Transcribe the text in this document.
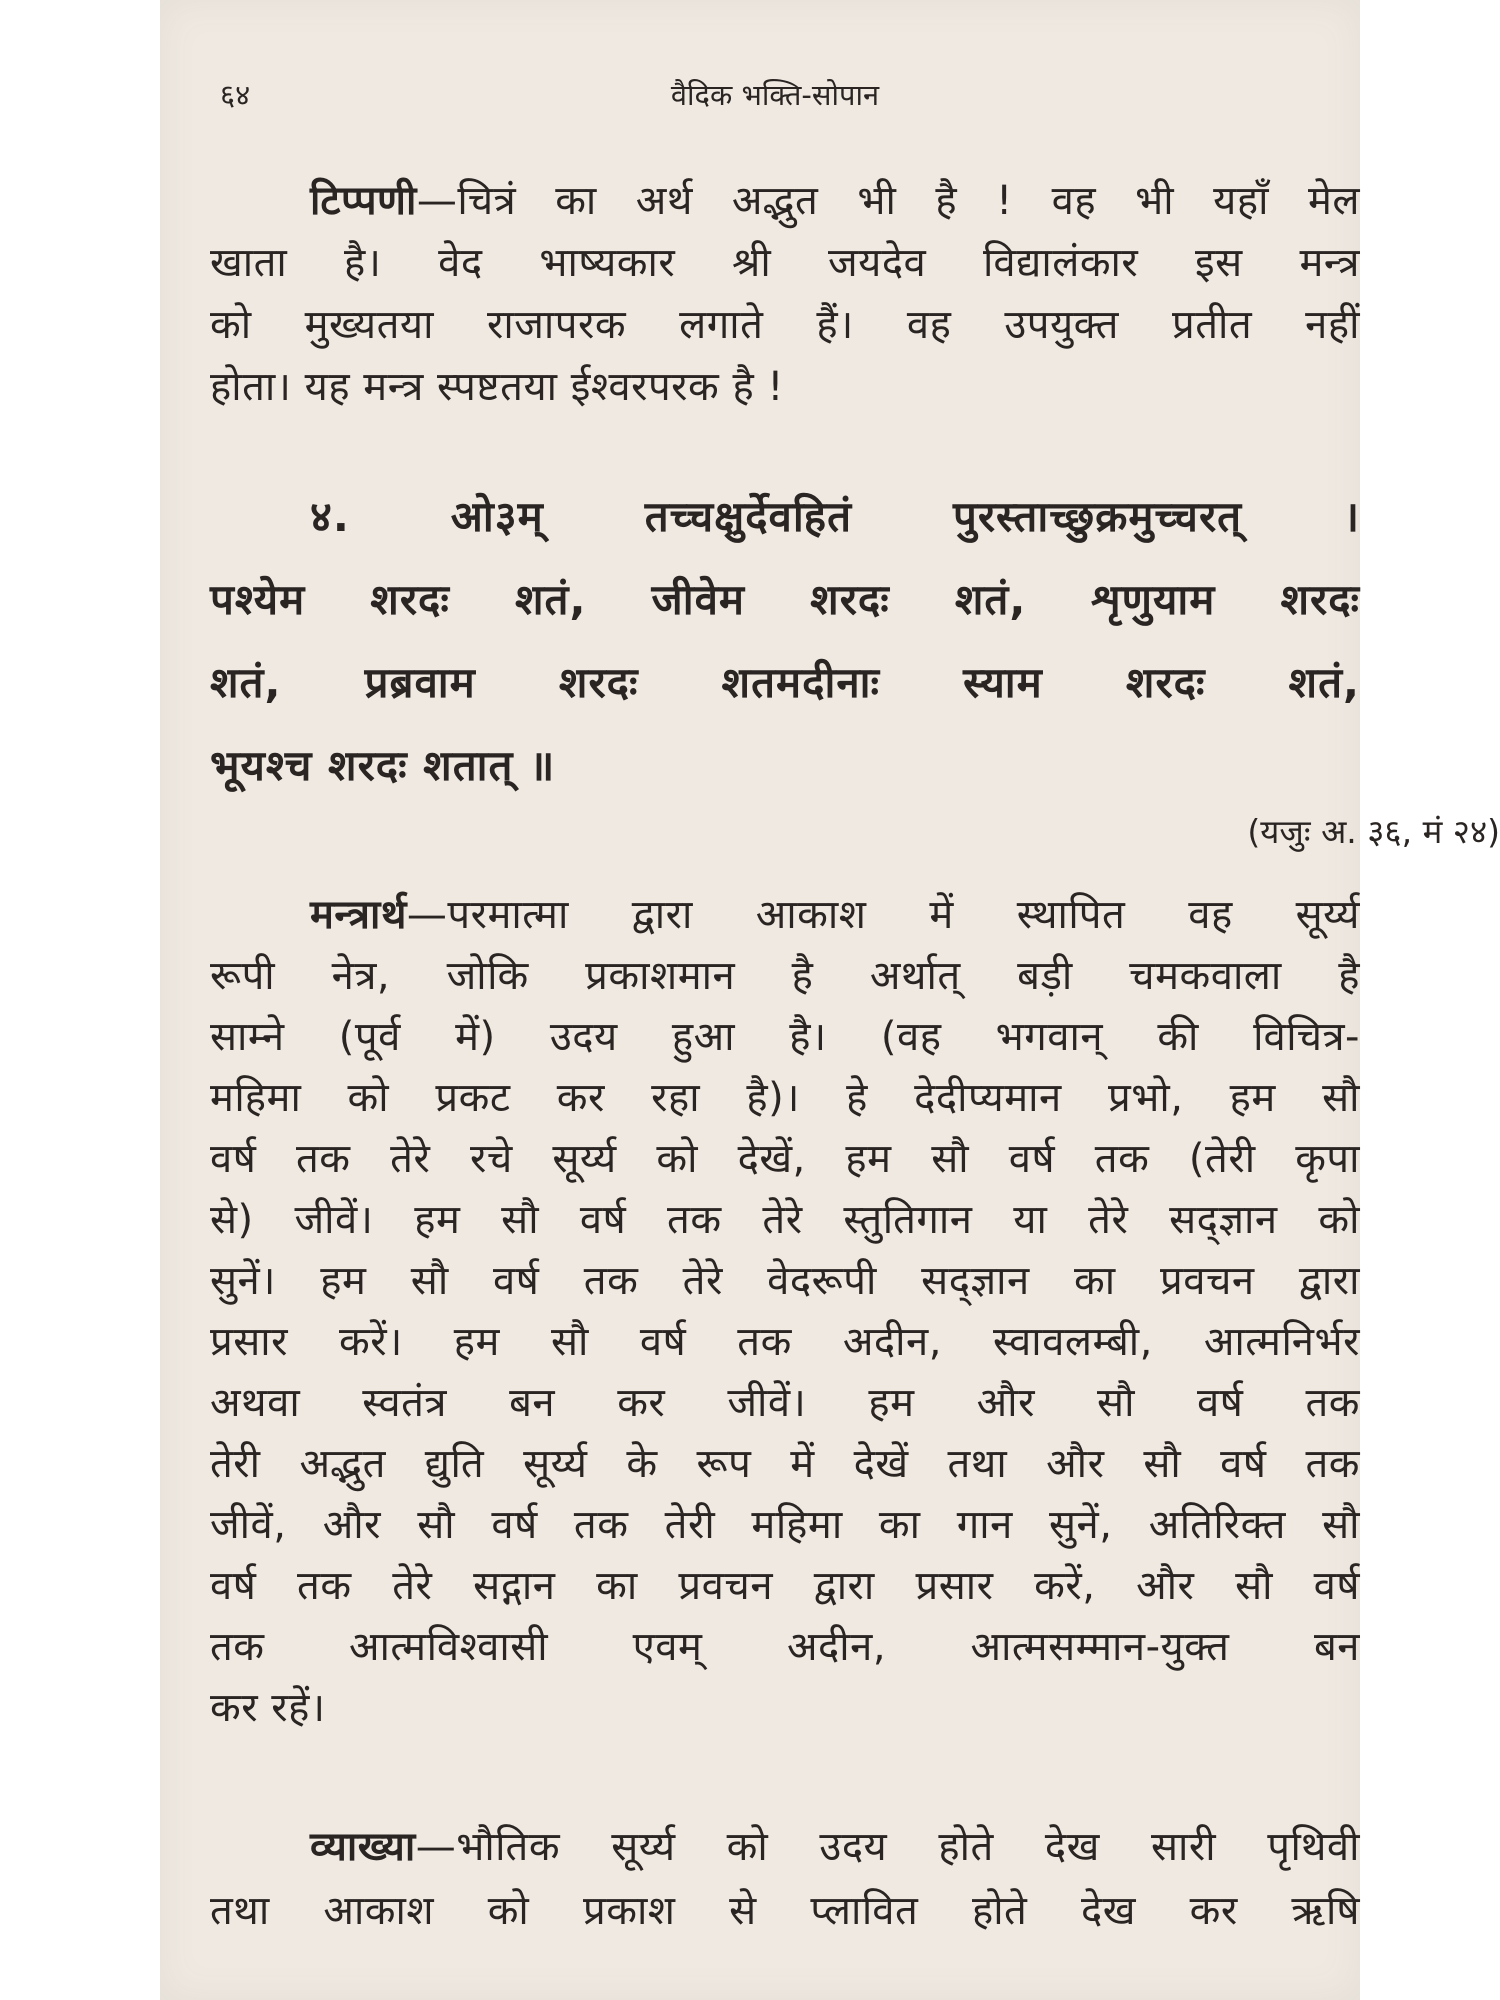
६४	वैदिक भक्ति-सोपान
टिप्पणी—चित्रं का अर्थ अद्भुत भी है ! वह भी यहाँ मेल
खाता है। वेद भाष्यकार श्री जयदेव विद्यालंकार इस मन्त्र
को मुख्यतया राजापरक लगाते हैं। वह उपयुक्त प्रतीत नहीं
होता। यह मन्त्र स्पष्टतया ईश्वरपरक है !
४. ओ३म् तच्चक्षुर्देवहितं पुरस्ताच्छुक्रमुच्चरत् ।
पश्येम शरदः शतं, जीवेम शरदः शतं, शृणुयाम शरदः
शतं, प्रब्रवाम शरदः शतमदीनाः स्याम शरदः शतं,
भूयश्च शरदः शतात् ॥
(यजुः अ. ३६, मं २४)
मन्त्रार्थ—परमात्मा द्वारा आकाश में स्थापित वह सूर्य्य
रूपी नेत्र, जोकि प्रकाशमान है अर्थात् बड़ी चमकवाला है
साम्ने (पूर्व में) उदय हुआ है। (वह भगवान् की विचित्र-
महिमा को प्रकट कर रहा है)। हे देदीप्यमान प्रभो, हम सौ
वर्ष तक तेरे रचे सूर्य्य को देखें, हम सौ वर्ष तक (तेरी कृपा
से) जीवें। हम सौ वर्ष तक तेरे स्तुतिगान या तेरे सद्ज्ञान को
सुनें। हम सौ वर्ष तक तेरे वेदरूपी सद्ज्ञान का प्रवचन द्वारा
प्रसार करें। हम सौ वर्ष तक अदीन, स्वावलम्बी, आत्मनिर्भर
अथवा स्वतंत्र बन कर जीवें। हम और सौ वर्ष तक
तेरी अद्भुत द्युति सूर्य्य के रूप में देखें तथा और सौ वर्ष तक
जीवें, और सौ वर्ष तक तेरी महिमा का गान सुनें, अतिरिक्त सौ
वर्ष तक तेरे सद्गान का प्रवचन द्वारा प्रसार करें, और सौ वर्ष
तक आत्मविश्वासी एवम् अदीन, आत्मसम्मान-युक्त बन
कर रहें।
व्याख्या—भौतिक सूर्य्य को उदय होते देख सारी पृथिवी
तथा आकाश को प्रकाश से प्लावित होते देख कर ऋषि
